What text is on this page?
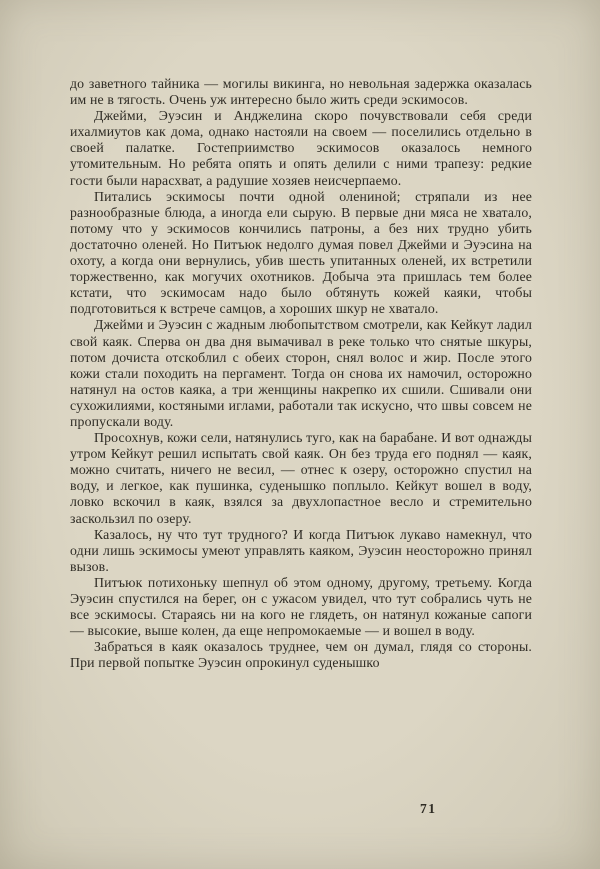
до заветного тайника — могилы викинга, но невольная задержка оказалась им не в тягость. Очень уж интересно было жить среди эскимосов.

Джейми, Эуэсин и Анджелина скоро почувствовали себя среди ихалмиутов как дома, однако настояли на своем — поселились отдельно в своей палатке. Гостеприимство эскимосов оказалось немного утомительным. Но ребята опять и опять делили с ними трапезу: редкие гости были нарасхват, а радушие хозяев неисчерпаемо.

Питались эскимосы почти одной олениной; стряпали из нее разнообразные блюда, а иногда ели сырую. В первые дни мяса не хватало, потому что у эскимосов кончились патроны, а без них трудно убить достаточно оленей. Но Питъюк недолго думая повел Джейми и Эуэсина на охоту, а когда они вернулись, убив шесть упитанных оленей, их встретили торжественно, как могучих охотников. Добыча эта пришлась тем более кстати, что эскимосам надо было обтянуть кожей каяки, чтобы подготовиться к встрече самцов, а хороших шкур не хватало.

Джейми и Эуэсин с жадным любопытством смотрели, как Кейкут ладил свой каяк. Сперва он два дня вымачивал в реке только что снятые шкуры, потом дочиста отскоблил с обеих сторон, снял волос и жир. После этого кожи стали походить на пергамент. Тогда он снова их намочил, осторожно натянул на остов каяка, а три женщины накрепко их сшили. Сшивали они сухожилиями, костяными иглами, работали так искусно, что швы совсем не пропускали воду.

Просохнув, кожи сели, натянулись туго, как на барабане. И вот однажды утром Кейкут решил испытать свой каяк. Он без труда его поднял — каяк, можно считать, ничего не весил, — отнес к озеру, осторожно спустил на воду, и легкое, как пушинка, суденышко поплыло. Кейкут вошел в воду, ловко вскочил в каяк, взялся за двухлопастное весло и стремительно заскользил по озеру.

Казалось, ну что тут трудного? И когда Питъюк лукаво намекнул, что одни лишь эскимосы умеют управлять каяком, Эуэсин неосторожно принял вызов.

Питъюк потихоньку шепнул об этом одному, другому, третьему. Когда Эуэсин спустился на берег, он с ужасом увидел, что тут собрались чуть не все эскимосы. Стараясь ни на кого не глядеть, он натянул кожаные сапоги — высокие, выше колен, да еще непромокаемые — и вошел в воду.

Забраться в каяк оказалось труднее, чем он думал, глядя со стороны. При первой попытке Эуэсин опрокинул суденышко

71
